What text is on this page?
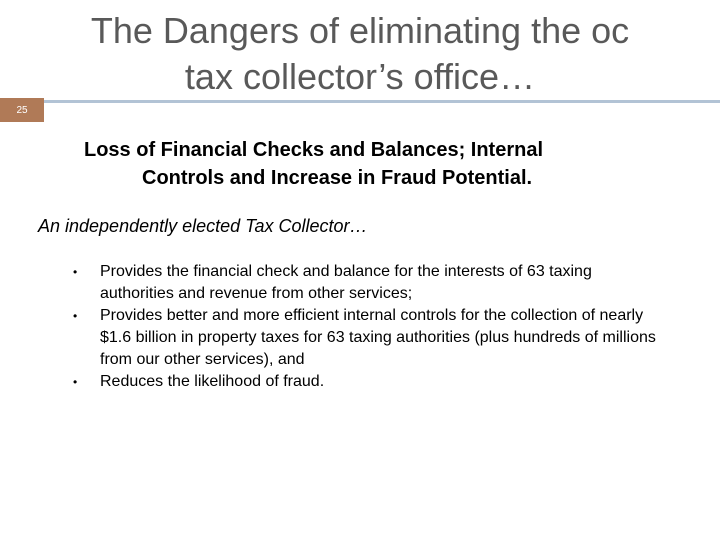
The Dangers of eliminating the oc
tax collector’s office…
25
Loss of Financial Checks and Balances; Internal
Controls and Increase in Fraud Potential.
An independently elected Tax Collector…
• Provides the financial check and balance for the interests of 63 taxing authorities and revenue from other services;
• Provides better and more efficient internal controls for the collection of nearly $1.6 billion in property taxes for 63 taxing authorities (plus hundreds of millions from our other services), and
• Reduces the likelihood of fraud.
